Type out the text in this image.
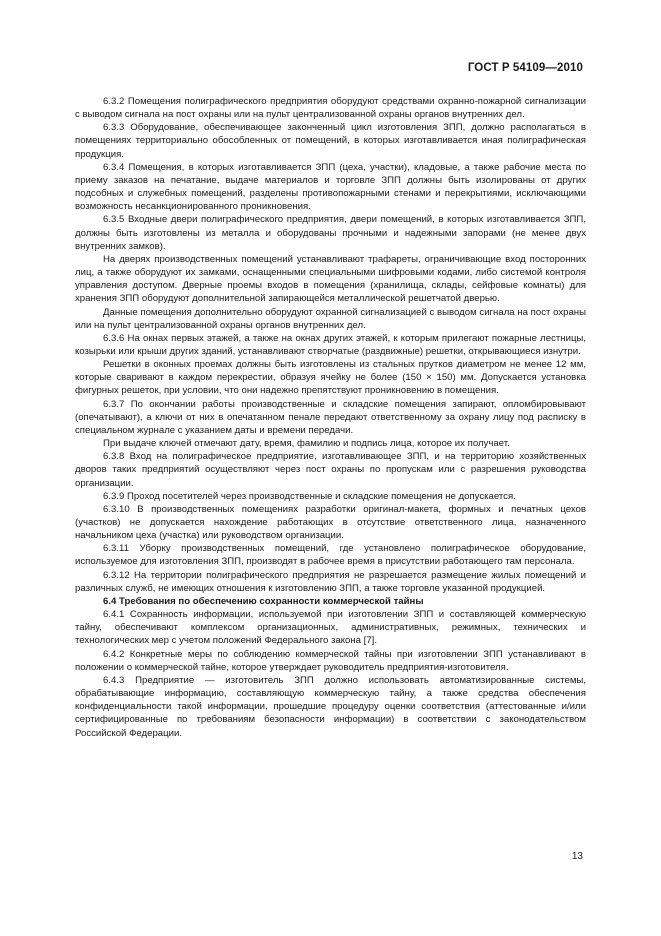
ГОСТ Р 54109—2010

6.3.2 Помещения полиграфического предприятия оборудуют средствами охранно-пожарной сигнализации с выводом сигнала на пост охраны или на пульт централизованной охраны органов внутренних дел.

6.3.3 Оборудование, обеспечивающее законченный цикл изготовления ЗПП, должно располагаться в помещениях территориально обособленных от помещений, в которых изготавливается иная полиграфическая продукция.

6.3.4 Помещения, в которых изготавливается ЗПП (цеха, участки), кладовые, а также рабочие места по приему заказов на печатание, выдаче материалов и торговле ЗПП должны быть изолированы от других подсобных и служебных помещений, разделены противопожарными стенами и перекрытиями, исключающими возможность несанкционированного проникновения.

6.3.5 Входные двери полиграфического предприятия, двери помещений, в которых изготавливается ЗПП, должны быть изготовлены из металла и оборудованы прочными и надежными запорами (не менее двух внутренних замков).

На дверях производственных помещений устанавливают трафареты, ограничивающие вход посторонних лиц, а также оборудуют их замками, оснащенными специальными шифровыми кодами, либо системой контроля управления доступом. Дверные проемы входов в помещения (хранилища, склады, сейфовые комнаты) для хранения ЗПП оборудуют дополнительной запирающейся металлической решетчатой дверью.

Данные помещения дополнительно оборудуют охранной сигнализацией с выводом сигнала на пост охраны или на пульт централизованной охраны органов внутренних дел.

6.3.6 На окнах первых этажей, а также на окнах других этажей, к которым прилегают пожарные лестницы, козырьки или крыши других зданий, устанавливают створчатые (раздвижные) решетки, открывающиеся изнутри.

Решетки в оконных проемах должны быть изготовлены из стальных прутков диаметром не менее 12 мм, которые сваривают в каждом перекрестии, образуя ячейку не более (150 × 150) мм. Допускается установка фигурных решеток, при условии, что они надежно препятствуют проникновению в помещения.

6.3.7 По окончании работы производственные и складские помещения запирают, опломбировывают (опечатывают), а ключи от них в опечатанном пенале передают ответственному за охрану лицу под расписку в специальном журнале с указанием даты и времени передачи.

При выдаче ключей отмечают дату, время, фамилию и подпись лица, которое их получает.

6.3.8 Вход на полиграфическое предприятие, изготавливающее ЗПП, и на территорию хозяйственных дворов таких предприятий осуществляют через пост охраны по пропускам или с разрешения руководства организации.

6.3.9 Проход посетителей через производственные и складские помещения не допускается.

6.3.10 В производственных помещениях разработки оригинал-макета, формных и печатных цехов (участков) не допускается нахождение работающих в отсутствие ответственного лица, назначенного начальником цеха (участка) или руководством организации.

6.3.11 Уборку производственных помещений, где установлено полиграфическое оборудование, используемое для изготовления ЗПП, производят в рабочее время в присутствии работающего там персонала.

6.3.12 На территории полиграфического предприятия не разрешается размещение жилых помещений и различных служб, не имеющих отношения к изготовлению ЗПП, а также торговле указанной продукцией.

6.4 Требования по обеспечению сохранности коммерческой тайны

6.4.1 Сохранность информации, используемой при изготовлении ЗПП и составляющей коммерческую тайну, обеспечивают комплексом организационных, административных, режимных, технических и технологических мер с учетом положений Федерального закона [7].

6.4.2 Конкретные меры по соблюдению коммерческой тайны при изготовлении ЗПП устанавливают в положении о коммерческой тайне, которое утверждает руководитель предприятия-изготовителя.

6.4.3 Предприятие — изготовитель ЗПП должно использовать автоматизированные системы, обрабатывающие информацию, составляющую коммерческую тайну, а также средства обеспечения конфиденциальности такой информации, прошедшие процедуру оценки соответствия (аттестованные и/или сертифицированные по требованиям безопасности информации) в соответствии с законодательством Российской Федерации.

13
